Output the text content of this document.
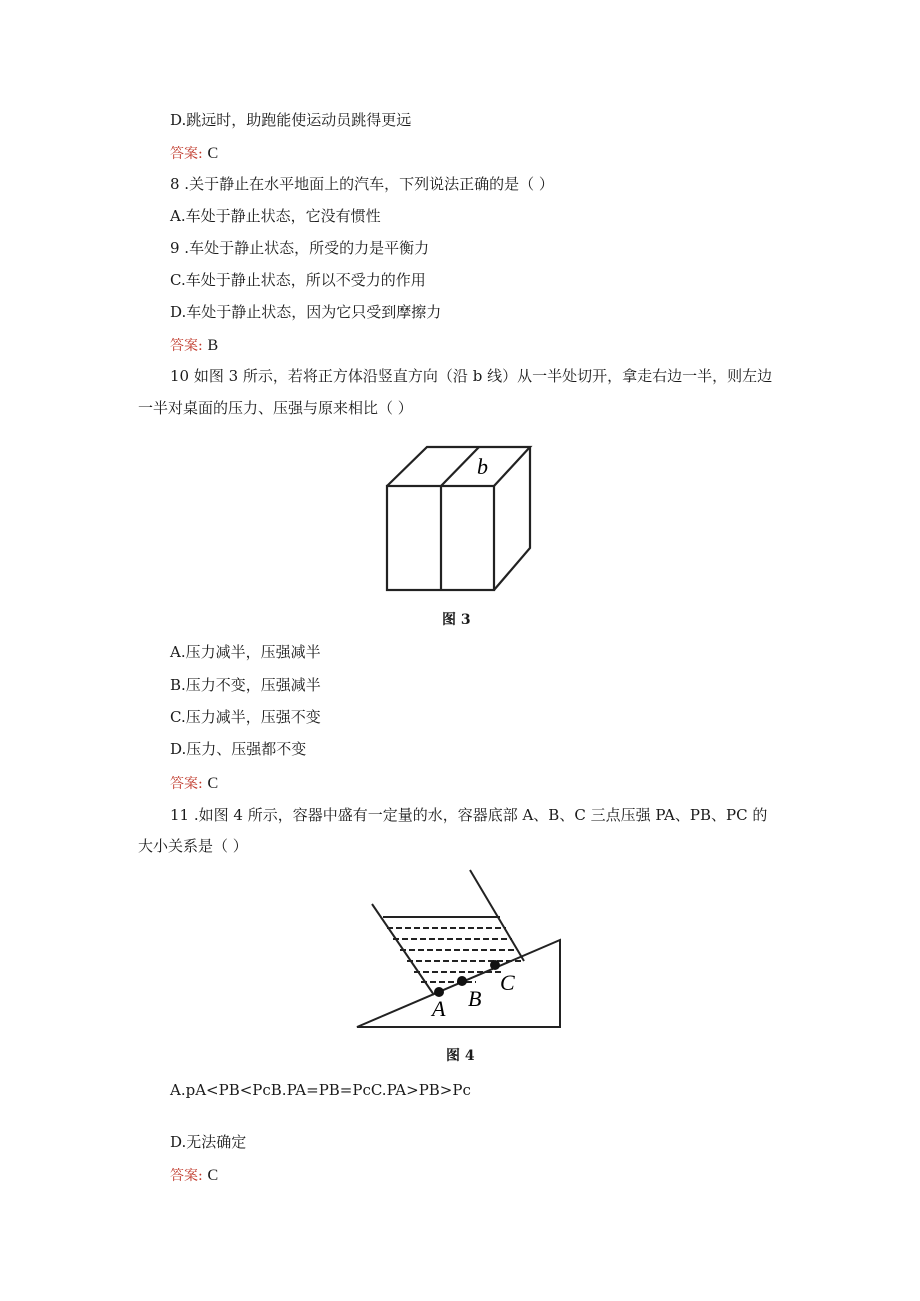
D.跳远时，助跑能使运动员跳得更远
答案: C
8 .关于静止在水平地面上的汽车，下列说法正确的是（ ）
A.车处于静止状态，它没有惯性
9 .车处于静止状态，所受的力是平衡力
C.车处于静止状态，所以不受力的作用
D.车处于静止状态，因为它只受到摩擦力
答案: B
10 如图 3 所示，若将正方体沿竖直方向（沿 b 线）从一半处切开，拿走右边一半，则左边
一半对桌面的压力、压强与原来相比（ ）
b
图 3
A.压力减半，压强减半
B.压力不变，压强减半
C.压力减半，压强不变
D.压力、压强都不变
答案: C
11 .如图 4 所示，容器中盛有一定量的水，容器底部 A、B、C 三点压强 PA、PB、PC 的
大小关系是（ ）
A B
C
图 4
A.pA<PB<PcB.PA=PB=PcC.PA>PB>Pc
D.无法确定
答案: C
